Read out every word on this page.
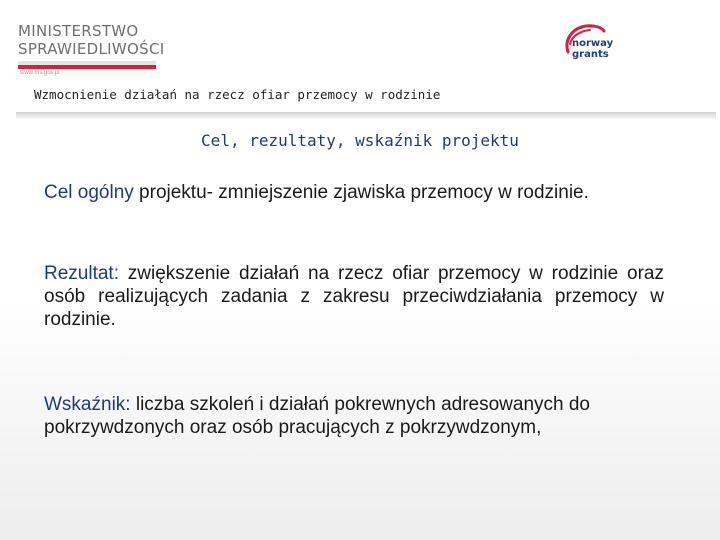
MINISTERSTWO
SPRAWIEDLIWOŚCI
www.ms.gov.pl
norway
grants
Wzmocnienie działań na rzecz ofiar przemocy w rodzinie
Cel, rezultaty, wskaźnik projektu
Cel ogólny projektu- zmniejszenie zjawiska przemocy w rodzinie.
Rezultat: zwiększenie działań na rzecz ofiar przemocy w rodzinie oraz osób realizujących zadania z zakresu przeciwdziałania przemocy w rodzinie.
Wskaźnik: liczba szkoleń i działań pokrewnych adresowanych do pokrzywdzonych oraz osób pracujących z pokrzywdzonym,
